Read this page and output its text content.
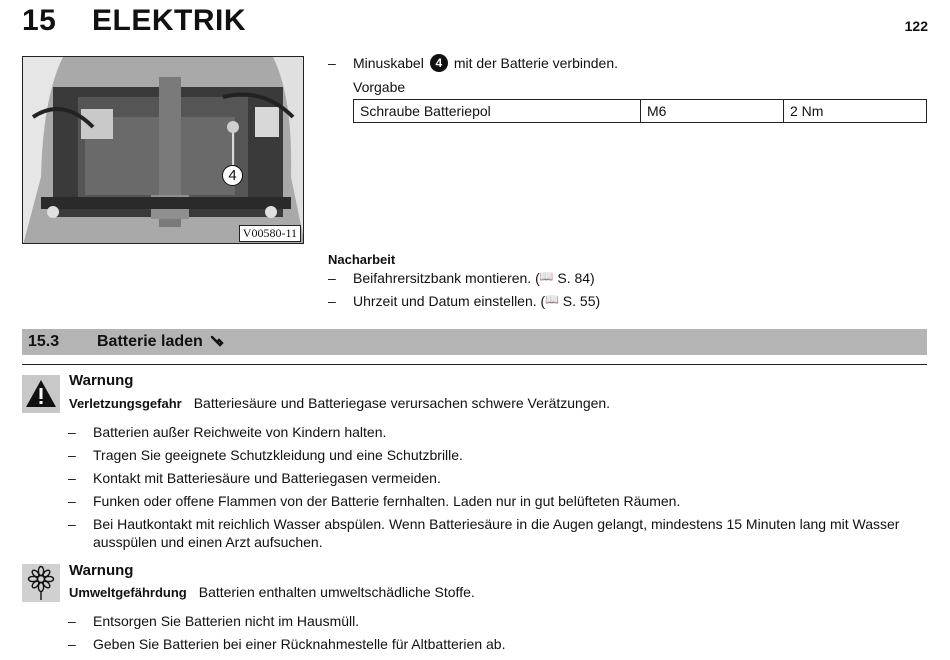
15 ELEKTRIK	122
4
V00580-11
–	Minuskabel 4 mit der Batterie verbinden.
Vorgabe
Schraube Batteriepol	M6	2 Nm
Nacharbeit
–	Beifahrersitzbank montieren. ( 📖
S. 84)
–	Uhrzeit und Datum einstellen. ( 📖
S. 55)
15.3 Batterie laden
Warnung
Verletzungsgefahr Batteriesäure und Batteriegase verursachen schwere Verätzungen.
–	Batterien außer Reichweite von Kindern halten.
–	Tragen Sie geeignete Schutzkleidung und eine Schutzbrille.
–	Kontakt mit Batteriesäure und Batteriegasen vermeiden.
–	Funken oder offene Flammen von der Batterie fernhalten. Laden nur in gut belüfteten Räumen.
–	Bei Hautkontakt mit reichlich Wasser abspülen. Wenn Batteriesäure in die Augen gelangt, mindestens 15 Minuten lang mit Wasser ausspülen und einen Arzt aufsuchen.
Warnung
Umweltgefährdung Batterien enthalten umweltschädliche Stoffe.
–	Entsorgen Sie Batterien nicht im Hausmüll.
–	Geben Sie Batterien bei einer Rücknahmestelle für Altbatterien ab.
